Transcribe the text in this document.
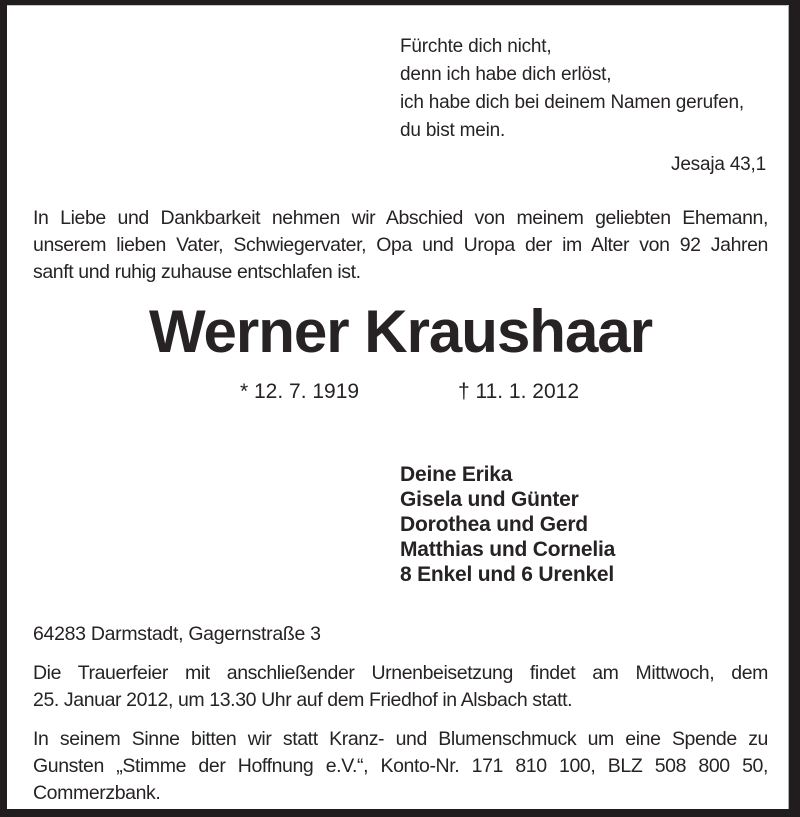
Fürchte dich nicht,
denn ich habe dich erlöst,
ich habe dich bei deinem Namen gerufen,
du bist mein.
Jesaja 43,1
In Liebe und Dankbarkeit nehmen wir Abschied von meinem geliebten Ehemann,
unserem lieben Vater, Schwiegervater, Opa und Uropa der im Alter von 92 Jahren
sanft und ruhig zuhause entschlafen ist.
Werner Kraushaar
* 12. 7. 1919	† 11. 1. 2012
Deine Erika
Gisela und Günter
Dorothea und Gerd
Matthias und Cornelia
8 Enkel und 6 Urenkel
64283 Darmstadt, Gagernstraße 3
Die Trauerfeier mit anschließender Urnenbeisetzung findet am Mittwoch, dem
25. Januar 2012, um 13.30 Uhr auf dem Friedhof in Alsbach statt.
In seinem Sinne bitten wir statt Kranz- und Blumenschmuck um eine Spende zu
Gunsten „Stimme der Hoffnung e.V.“, Konto-Nr. 171 810 100, BLZ 508 800 50,
Commerzbank.
